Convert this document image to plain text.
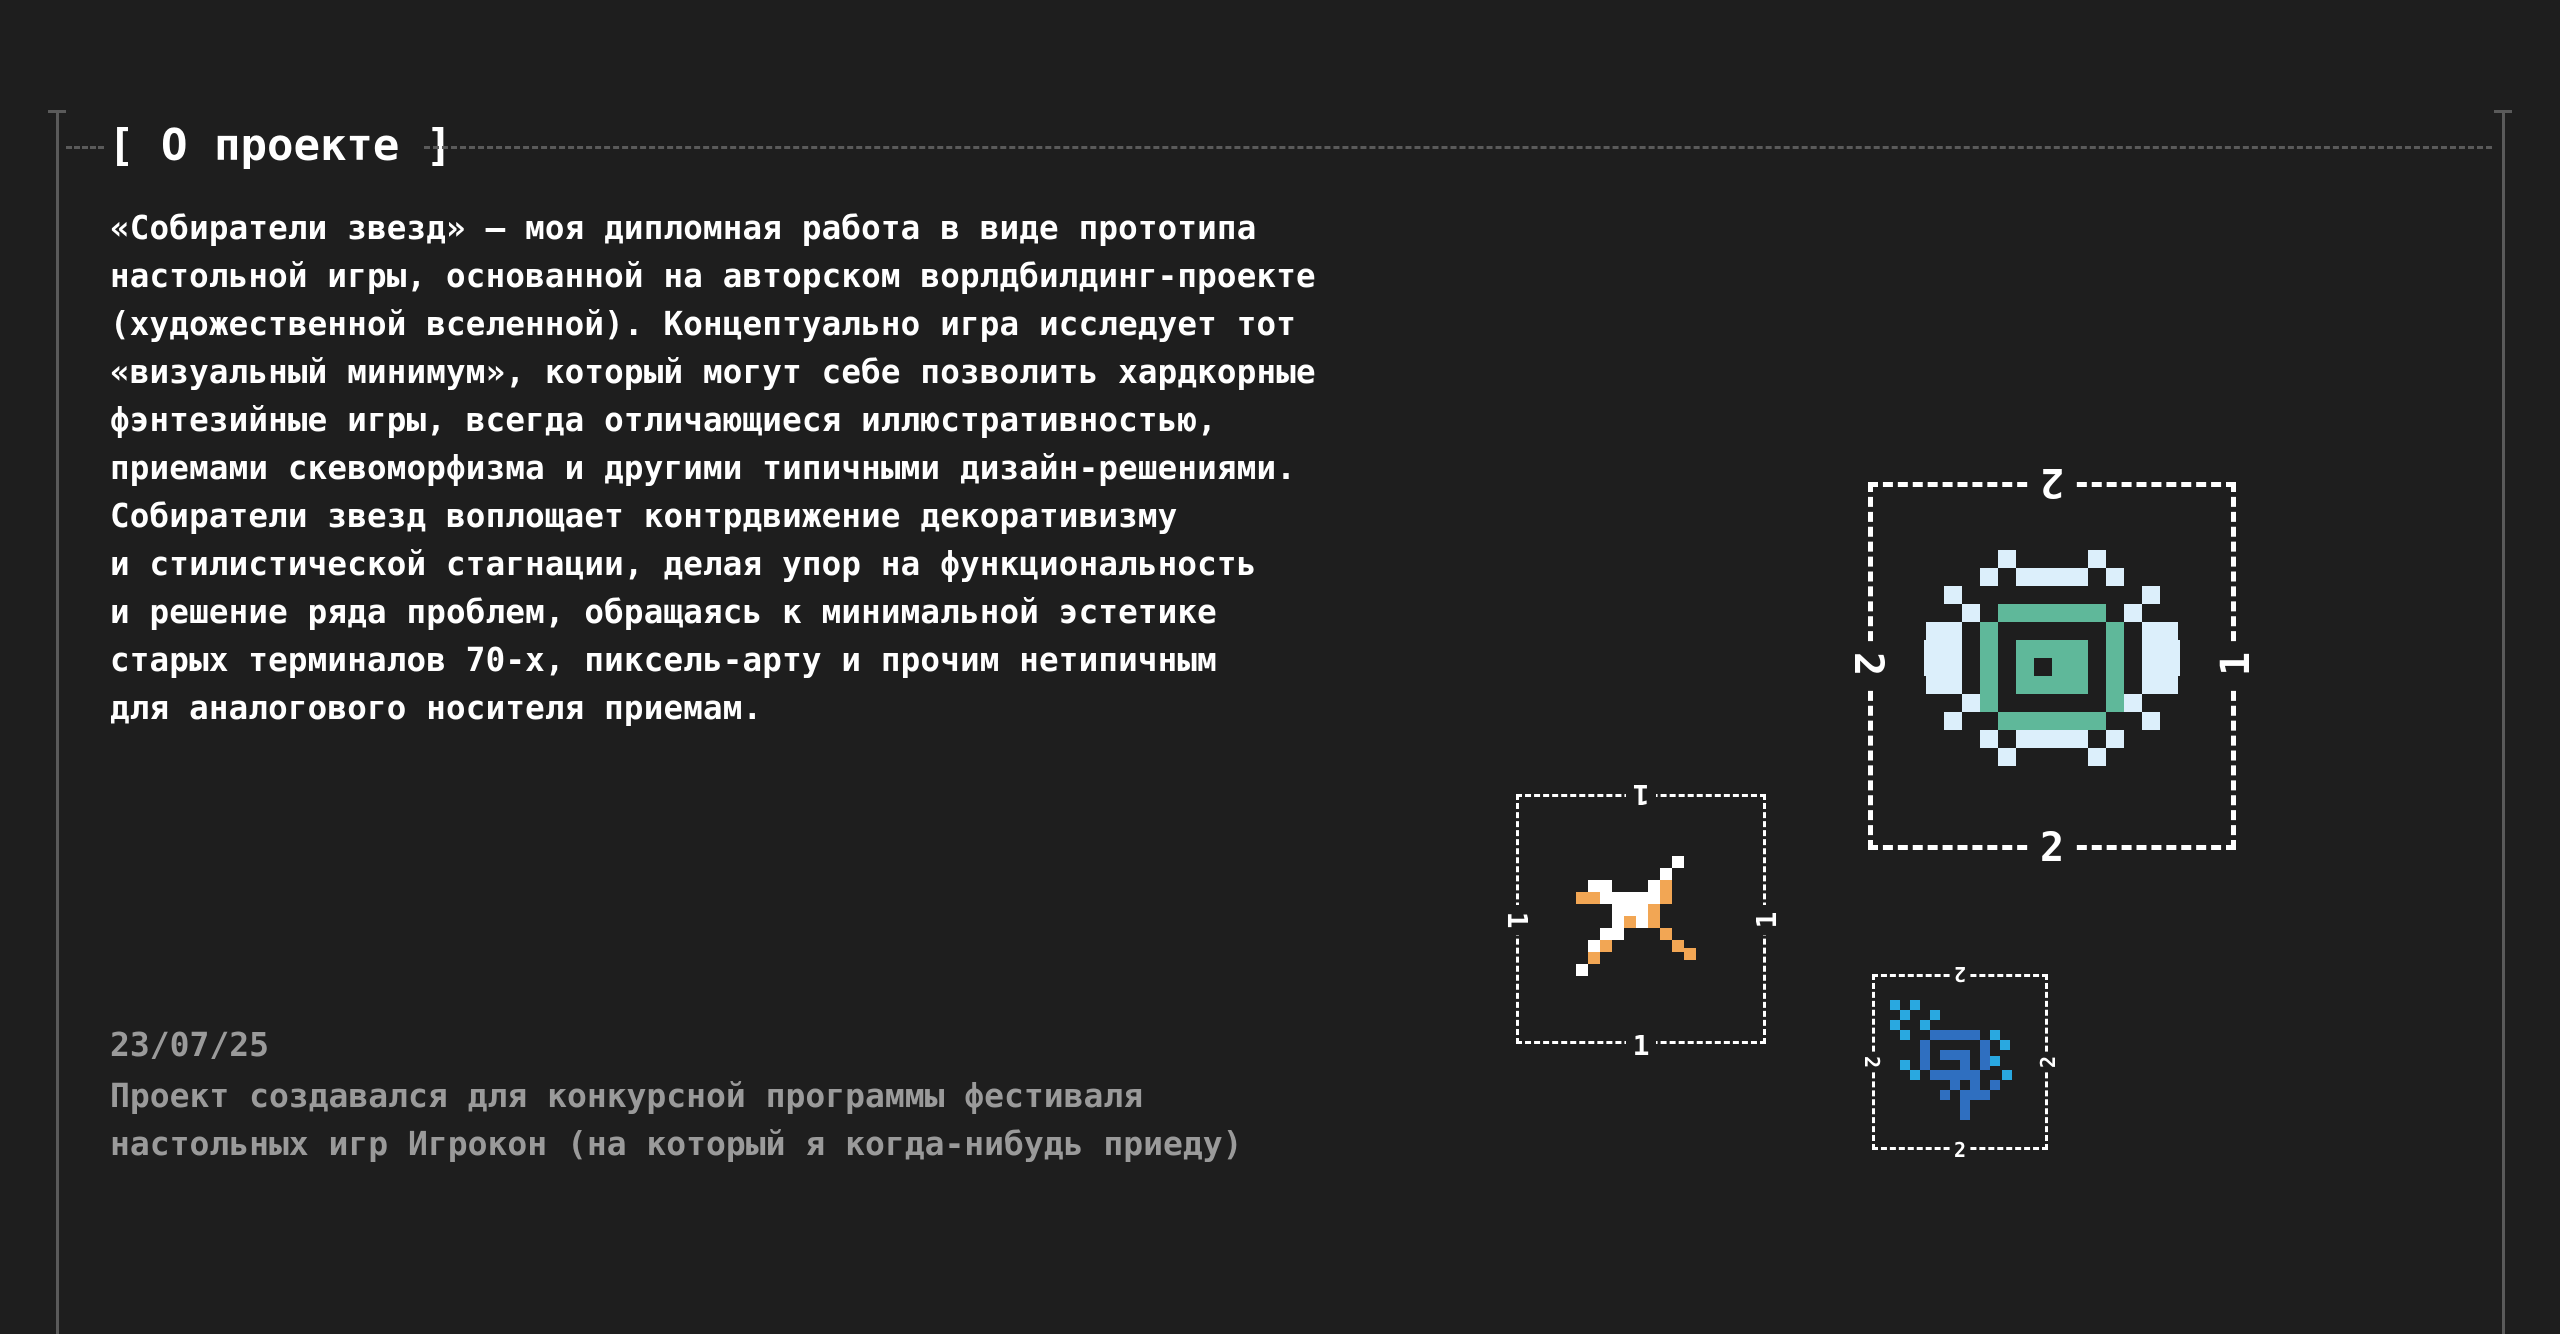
[ О проекте ]

«Собиратели звезд» — моя дипломная работа в виде прототипа

настольной игры, основанной на авторском ворлдбилдинг-проекте

(художественной вселенной). Концептуально игра исследует тот

«визуальный минимум», который могут себе позволить хардкорные

фэнтезийные игры, всегда отличающиеся иллюстративностью,

приемами скевоморфизма и другими типичными дизайн-решениями.

Собиратели звезд воплощает контрдвижение декоративизму

и стилистической стагнации, делая упор на функциональность

и решение ряда проблем, обращаясь к минимальной эстетике

старых терминалов 70-х, пиксель-арту и прочим нетипичным

для аналогового носителя приемам.

23/07/25

Проект создавался для конкурсной программы фестиваля

настольных игр Игрокон (на который я когда-нибудь приеду)

2
2
2	1
1
1
1	1
2
2
2	2
